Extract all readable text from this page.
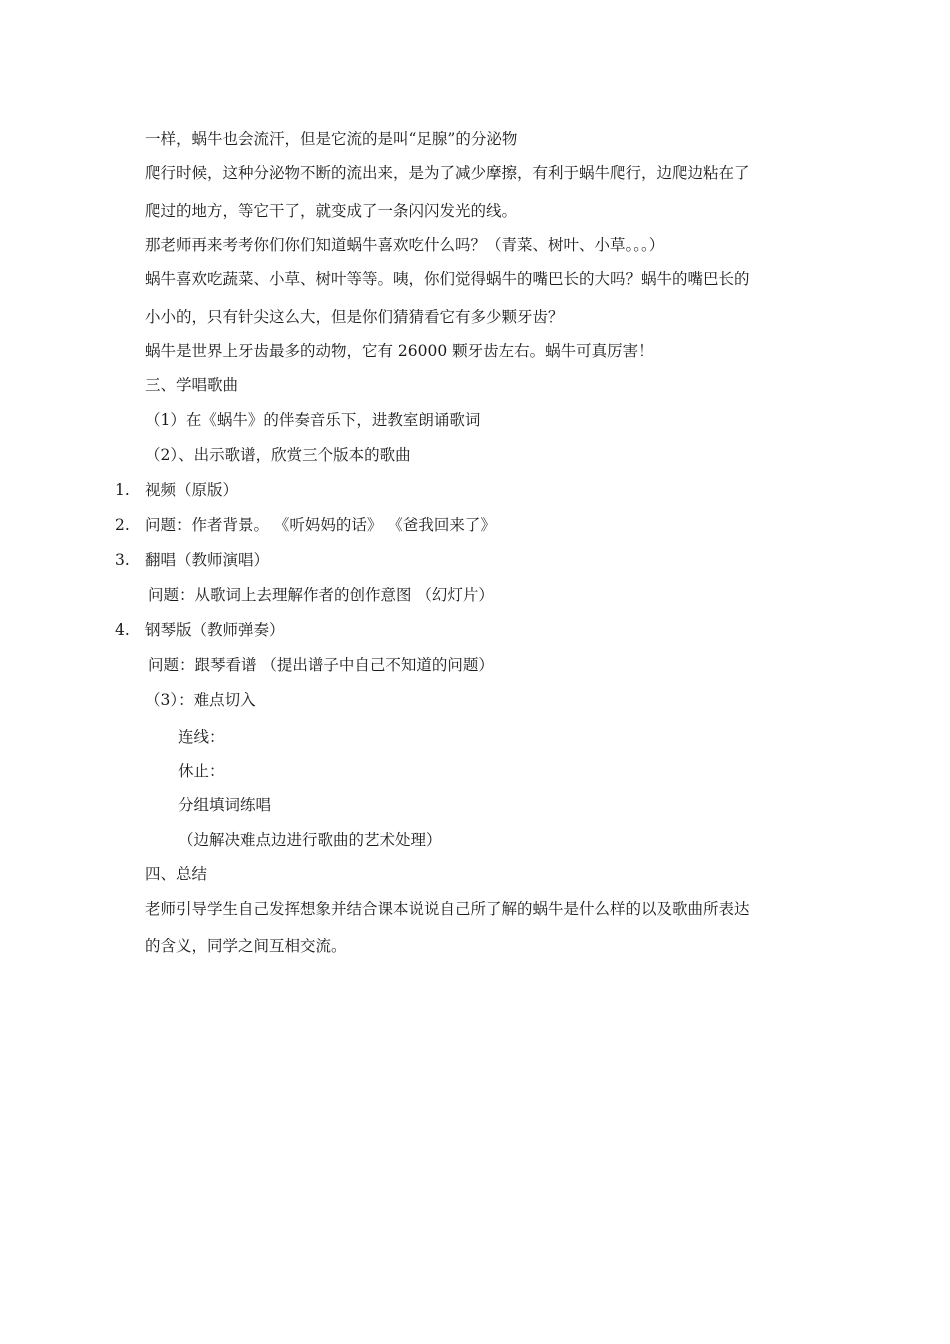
一样，蜗牛也会流汗，但是它流的是叫“足腺”的分泌物
爬行时候，这种分泌物不断的流出来，是为了减少摩擦，有利于蜗牛爬行，边爬边粘在了
爬过的地方，等它干了，就变成了一条闪闪发光的线。
那老师再来考考你们你们知道蜗牛喜欢吃什么吗？（青菜、树叶、小草。。。）
蜗牛喜欢吃蔬菜、小草、树叶等等。咦，你们觉得蜗牛的嘴巴长的大吗？蜗牛的嘴巴长的
小小的，只有针尖这么大，但是你们猜猜看它有多少颗牙齿？
蜗牛是世界上牙齿最多的动物，它有 26000 颗牙齿左右。蜗牛可真厉害！
三、学唱歌曲
（1）在《蜗牛》的伴奏音乐下，进教室朗诵歌词
（2）、出示歌谱，欣赏三个版本的歌曲
1. 视频（原版）
2. 问题：作者背景。 《听妈妈的话》 《爸我回来了》
3. 翻唱（教师演唱）
问题：从歌词上去理解作者的创作意图 （幻灯片）
4. 钢琴版（教师弹奏）
问题：跟琴看谱 （提出谱子中自己不知道的问题）
（3）：难点切入
连线：
休止：
分组填词练唱
（边解决难点边进行歌曲的艺术处理）
四、总结
老师引导学生自己发挥想象并结合课本说说自己所了解的蜗牛是什么样的以及歌曲所表达
的含义，同学之间互相交流。
